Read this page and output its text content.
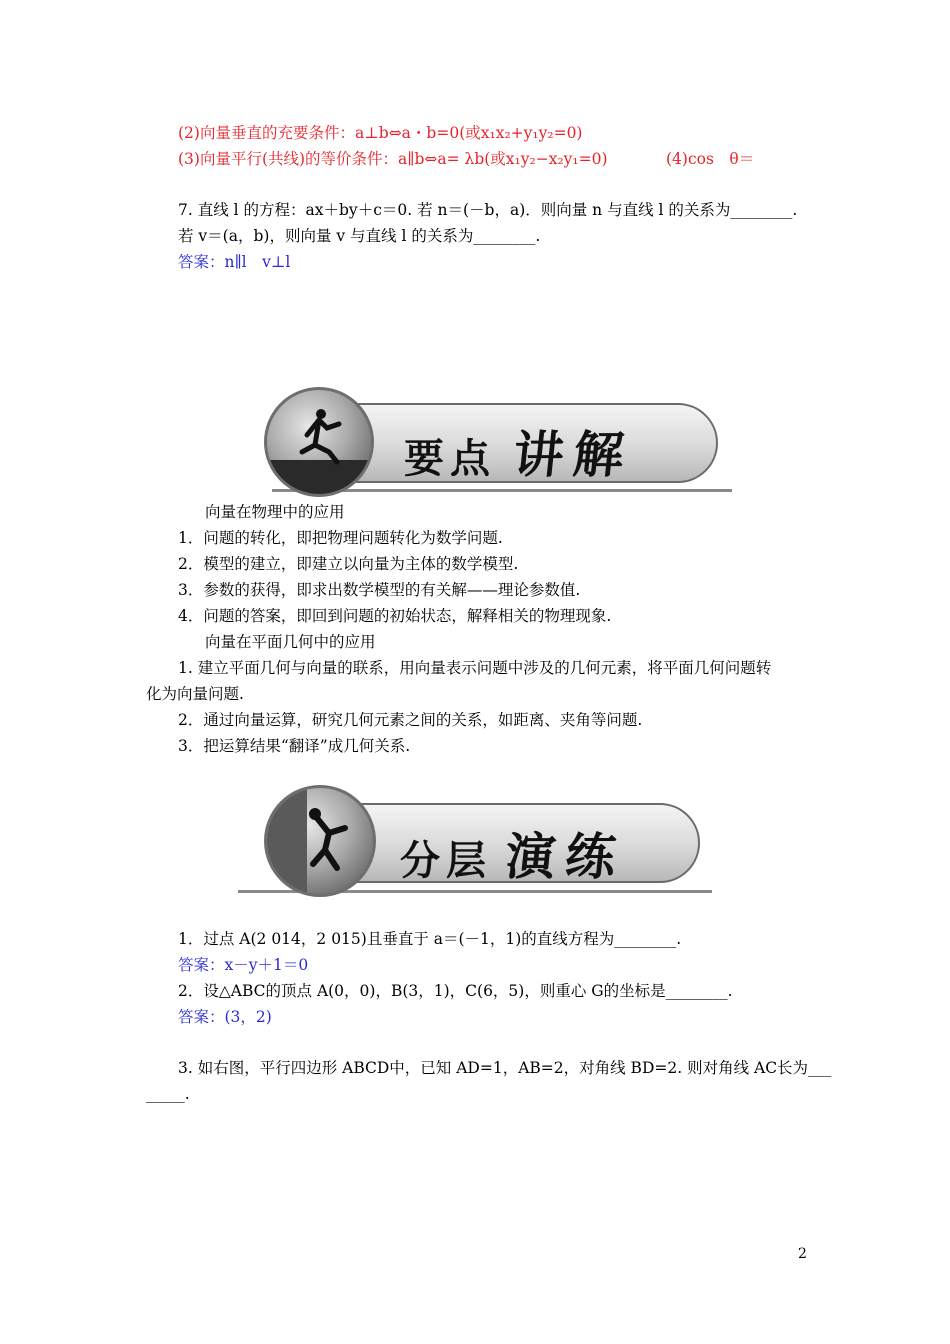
(2)向量垂直的充要条件：a⊥b⇔a・b=0(或x₁x₂+y₁y₂=0)
(3)向量平行(共线)的等价条件：a∥b⇔a= λb(或x₁y₂−x₂y₁=0)	(4)cos　θ＝
7. 直线 l 的方程：ax＋by＋c＝0. 若 n＝(－b，a)．则向量 n 与直线 l 的关系为________.
若 v＝(a，b)，则向量 v 与直线 l 的关系为________.
答案：n∥l　v⊥l
要点 讲解
向量在物理中的应用
1．问题的转化，即把物理问题转化为数学问题.
2．模型的建立，即建立以向量为主体的数学模型.
3．参数的获得，即求出数学模型的有关解——理论参数值.
4．问题的答案，即回到问题的初始状态，解释相关的物理现象.
向量在平面几何中的应用
1. 建立平面几何与向量的联系，用向量表示问题中涉及的几何元素，将平面几何问题转
化为向量问题.
2．通过向量运算，研究几何元素之间的关系，如距离、夹角等问题.
3．把运算结果“翻译”成几何关系.
分层 演练
1．过点 A(2 014，2 015)且垂直于 a＝(－1，1)的直线方程为________.
答案：x－y＋1＝0
2．设△ABC的顶点 A(0，0)，B(3，1)，C(6，5)，则重心 G的坐标是________.
答案：(3，2)
3. 如右图，平行四边形 ABCD中，已知 AD=1，AB=2，对角线 BD=2. 则对角线 AC长为___
_____.
2
